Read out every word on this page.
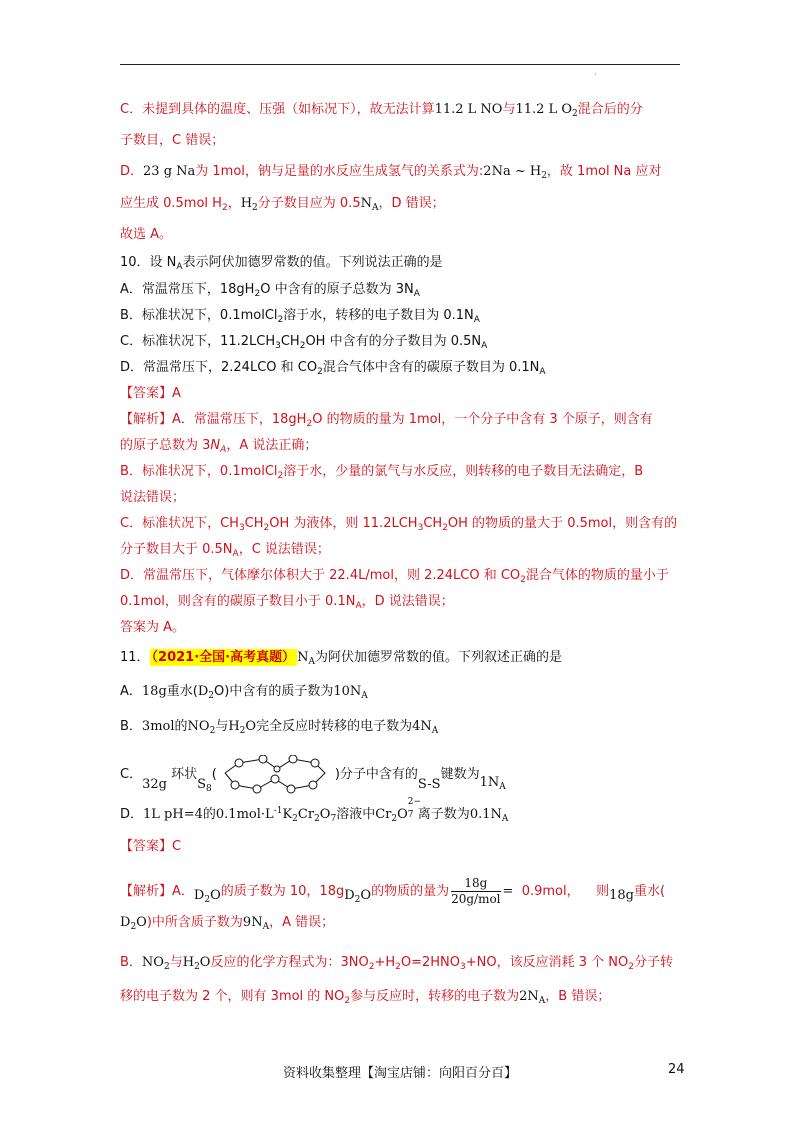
·
C．未提到具体的温度、压强（如标况下），故无法计算11.2 L NO与11.2 L $O_2$混合后的分
子数目，C 错误；
D．23 g Na为 1mol，钠与足量的水反应生成氢气的关系式为:2Na ~ $H_2$，故 1mol Na 应对
应生成 0.5mol $H_2$，$H_2$分子数目应为 $0.5N_A$，D 错误；
故选 A。
10．设 $N_A$表示阿伏加德罗常数的值。下列说法正确的是
A．常温常压下，$18gH_2O$ 中含有的原子总数为 $3N_A$
B．标准状况下，0.1molCl$_2$溶于水，转移的电子数目为 $0.1N_A$
C．标准状况下，$11.2LCH_3CH_2OH$ 中含有的分子数目为 $0.5N_A$
D．常温常压下，2.24LCO 和 $CO_2$混合气体中含有的碳原子数目为 $0.1N_A$
【答案】A
【解析】A．常温常压下，$18gH_2O$ 的物质的量为 1mol，一个分子中含有 3 个原子，则含有
的原子总数为 $3N_A$，A 说法正确；
B．标准状况下，0.1molCl$_2$溶于水，少量的氯气与水反应，则转移的电子数目无法确定，B
说法错误；
C．标准状况下，$CH_3CH_2OH$ 为液体，则 $11.2LCH_3CH_2OH$ 的物质的量大于 0.5mol，则含有的
分子数目大于 $0.5N_A$，C 说法错误；
D．常温常压下，气体摩尔体积大于 22.4L/mol，则 2.24LCO 和 $CO_2$混合气体的物质的量小于
0.1mol，则含有的碳原子数目小于 $0.1N_A$，D 说法错误；
答案为 A。
11． （2021·全国·高考真题） $N_A$为阿伏加德罗常数的值。下列叙述正确的是
A．18g重水$(D_2O)$中含有的质子数为$10N_A$
B．3mol的$NO_2$与$H_2O$完全反应时转移的电子数为$4N_A$
C．32g 环状$S_8$(	)分子中含有的S-S键数为$1N_A$
D．1L pH=4的$0.1mol\cdot L^{-1}K_2Cr_2O_7$溶液中$Cr_2O$
2−
7 离子数为$0.1N_A$
【答案】C
【解析】A．$D_2O$的质子数为 10，$18gD_2O$的物质的量为 $\frac{18g}{\text{20g/mol}} = 0.9mol$， 则18g重水(
$D_2O$)中所含质子数为$9N_A$，A 错误；
B．$NO_2$与$H_2O$反应的化学方程式为：$3NO_2+H_2O=2HNO_3+NO$，该反应消耗 3 个 $NO_2$分子转
移的电子数为 2 个，则有 3mol 的 $NO_2$参与反应时，转移的电子数为$2N_A$，B 错误；
资料收集整理【淘宝店铺：向阳百分百】	24
